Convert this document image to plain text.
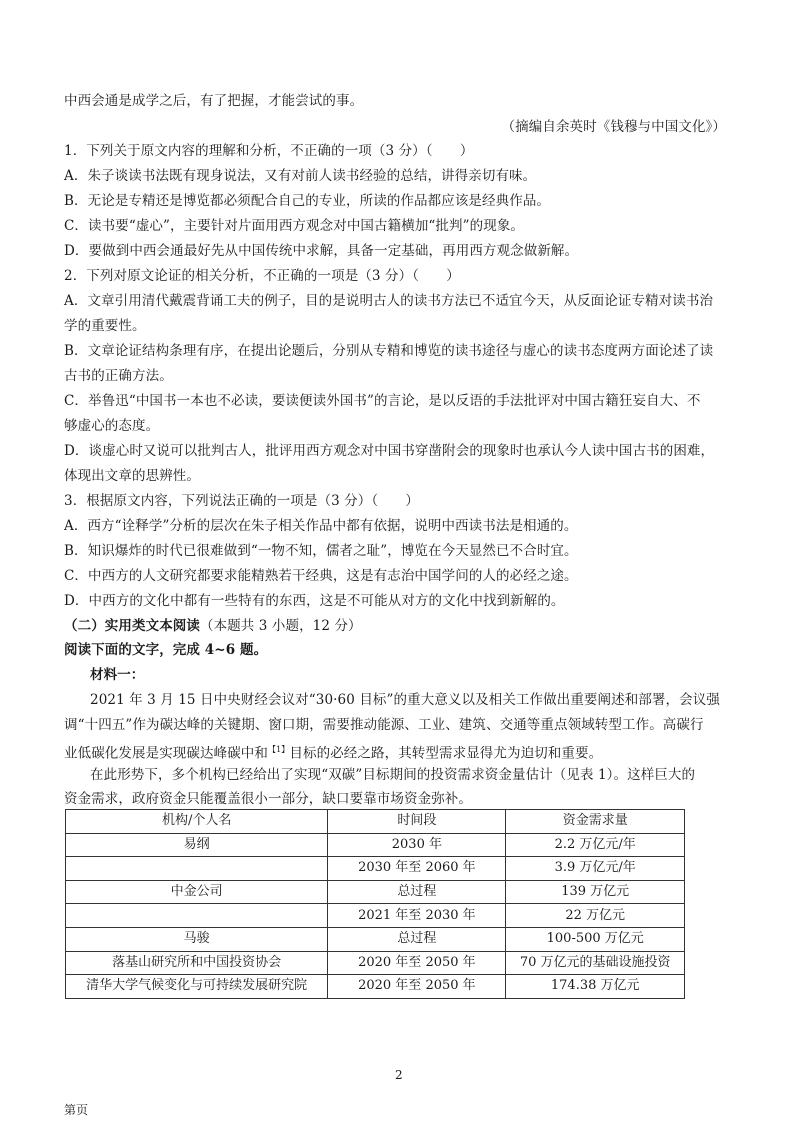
中西会通是成学之后，有了把握，才能尝试的事。
（摘编自余英时《钱穆与中国文化》）
1．下列关于原文内容的理解和分析，不正确的一项（3 分）（　　）
A．朱子谈读书法既有现身说法，又有对前人读书经验的总结，讲得亲切有味。
B．无论是专精还是博览都必须配合自己的专业，所读的作品都应该是经典作品。
C．读书要“虚心”，主要针对片面用西方观念对中国古籍横加“批判”的现象。
D．要做到中西会通最好先从中国传统中求解，具备一定基础，再用西方观念做新解。
2．下列对原文论证的相关分析，不正确的一项是（3 分）（　　）
A．文章引用清代戴震背诵工夫的例子，目的是说明古人的读书方法已不适宜今天，从反面论证专精对读书治
学的重要性。
B．文章论证结构条理有序，在提出论题后，分别从专精和博览的读书途径与虚心的读书态度两方面论述了读
古书的正确方法。
C．举鲁迅“中国书一本也不必读，要读便读外国书”的言论，是以反语的手法批评对中国古籍狂妄自大、不
够虚心的态度。
D．谈虚心时又说可以批判古人，批评用西方观念对中国书穿凿附会的现象时也承认今人读中国古书的困难，
体现出文章的思辨性。
3．根据原文内容，下列说法正确的一项是（3 分）（　　）
A．西方“诠释学”分析的层次在朱子相关作品中都有依据，说明中西读书法是相通的。
B．知识爆炸的时代已很难做到“一物不知，儒者之耻”，博览在今天显然已不合时宜。
C．中西方的人文研究都要求能精熟若干经典，这是有志治中国学问的人的必经之途。
D．中西方的文化中都有一些特有的东西，这是不可能从对方的文化中找到新解的。
（二）实用类文本阅读（本题共 3 小题，12 分）
阅读下面的文字，完成 4~6 题。
材料一：
2021 年 3 月 15 日中央财经会议对“30·60 目标”的重大意义以及相关工作做出重要阐述和部署，会议强
调“十四五”作为碳达峰的关键期、窗口期，需要推动能源、工业、建筑、交通等重点领域转型工作。高碳行
业低碳化发展是实现碳达峰碳中和$^{【1】}$目标的必经之路，其转型需求显得尤为迫切和重要。
在此形势下，多个机构已经给出了实现“双碳”目标期间的投资需求资金量估计（见表 1）。这样巨大的
资金需求，政府资金只能覆盖很小一部分，缺口要靠市场资金弥补。
机构/个人名	时间段	资金需求量
易纲	2030 年	2.2 万亿元/年
	2030 年至 2060 年	3.9 万亿元/年
中金公司	总过程	139 万亿元
	2021 年至 2030 年	22 万亿元
马骏	总过程	100-500 万亿元
落基山研究所和中国投资协会	2020 年至 2050 年	70 万亿元的基础设施投资
清华大学气候变化与可持续发展研究院	2020 年至 2050 年	174.38 万亿元
2
第页
